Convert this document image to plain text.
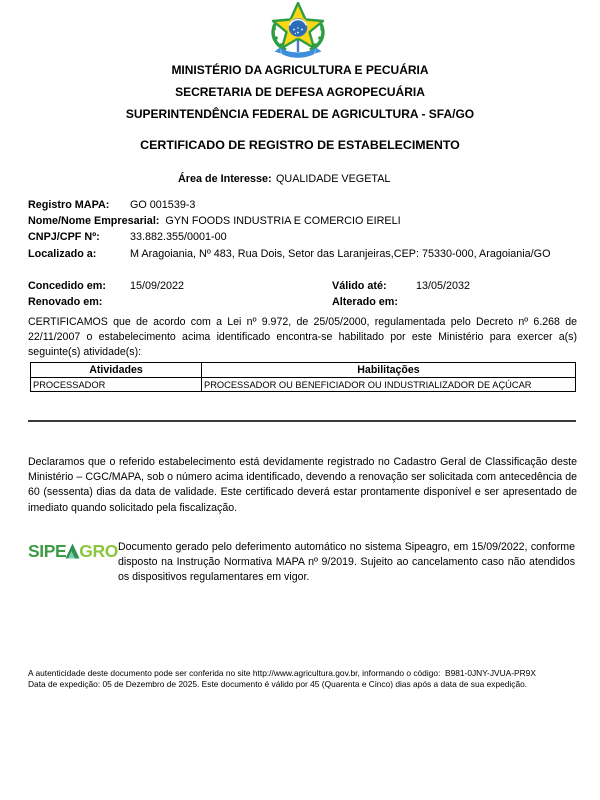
MINISTÉRIO DA AGRICULTURA E PECUÁRIA
SECRETARIA DE DEFESA AGROPECUÁRIA
SUPERINTENDÊNCIA FEDERAL DE AGRICULTURA - SFA/GO
CERTIFICADO DE REGISTRO DE ESTABELECIMENTO
Área de Interesse: QUALIDADE VEGETAL
Registro MAPA:	GO 001539-3
Nome/Nome Empresarial: GYN FOODS INDUSTRIA E COMERCIO EIRELI
CNPJ/CPF Nº:	33.882.355/0001-00
Localizado a:	M Aragoiania, Nº 483, Rua Dois, Setor das Laranjeiras,CEP: 75330-000, Aragoiania/GO
Concedido em: 15/09/2022	Válido até:	13/05/2032
Renovado em:	Alterado em:
CERTIFICAMOS que de acordo com a Lei nº 9.972, de 25/05/2000, regulamentada pelo Decreto nº 6.268 de 22/11/2007 o estabelecimento acima identificado encontra-se habilitado por este Ministério para exercer a(s) seguinte(s) atividade(s):
Atividades	Habilitações
PROCESSADOR	PROCESSADOR OU BENEFICIADOR OU INDUSTRIALIZADOR DE AÇÚCAR
Declaramos que o referido estabelecimento está devidamente registrado no Cadastro Geral de Classificação deste Ministério – CGC/MAPA, sob o número acima identificado, devendo a renovação ser solicitada com antecedência de 60 (sessenta) dias da data de validade. Este certificado deverá estar prontamente disponível e ser apresentado de imediato quando solicitado pela fiscalização.
SIPE GRO Documento gerado pelo deferimento automático no sistema Sipeagro, em 15/09/2022, conforme disposto na Instrução Normativa MAPA nº 9/2019. Sujeito ao cancelamento caso não atendidos os dispositivos regulamentares em vigor.
A autenticidade deste documento pode ser conferida no site http://www.agricultura.gov.br, informando o código:  B981-0JNY-JVUA-PR9X
Data de expedição: 05 de Dezembro de 2025. Este documento é válido por 45 (Quarenta e Cinco) dias após a data de sua expedição.
